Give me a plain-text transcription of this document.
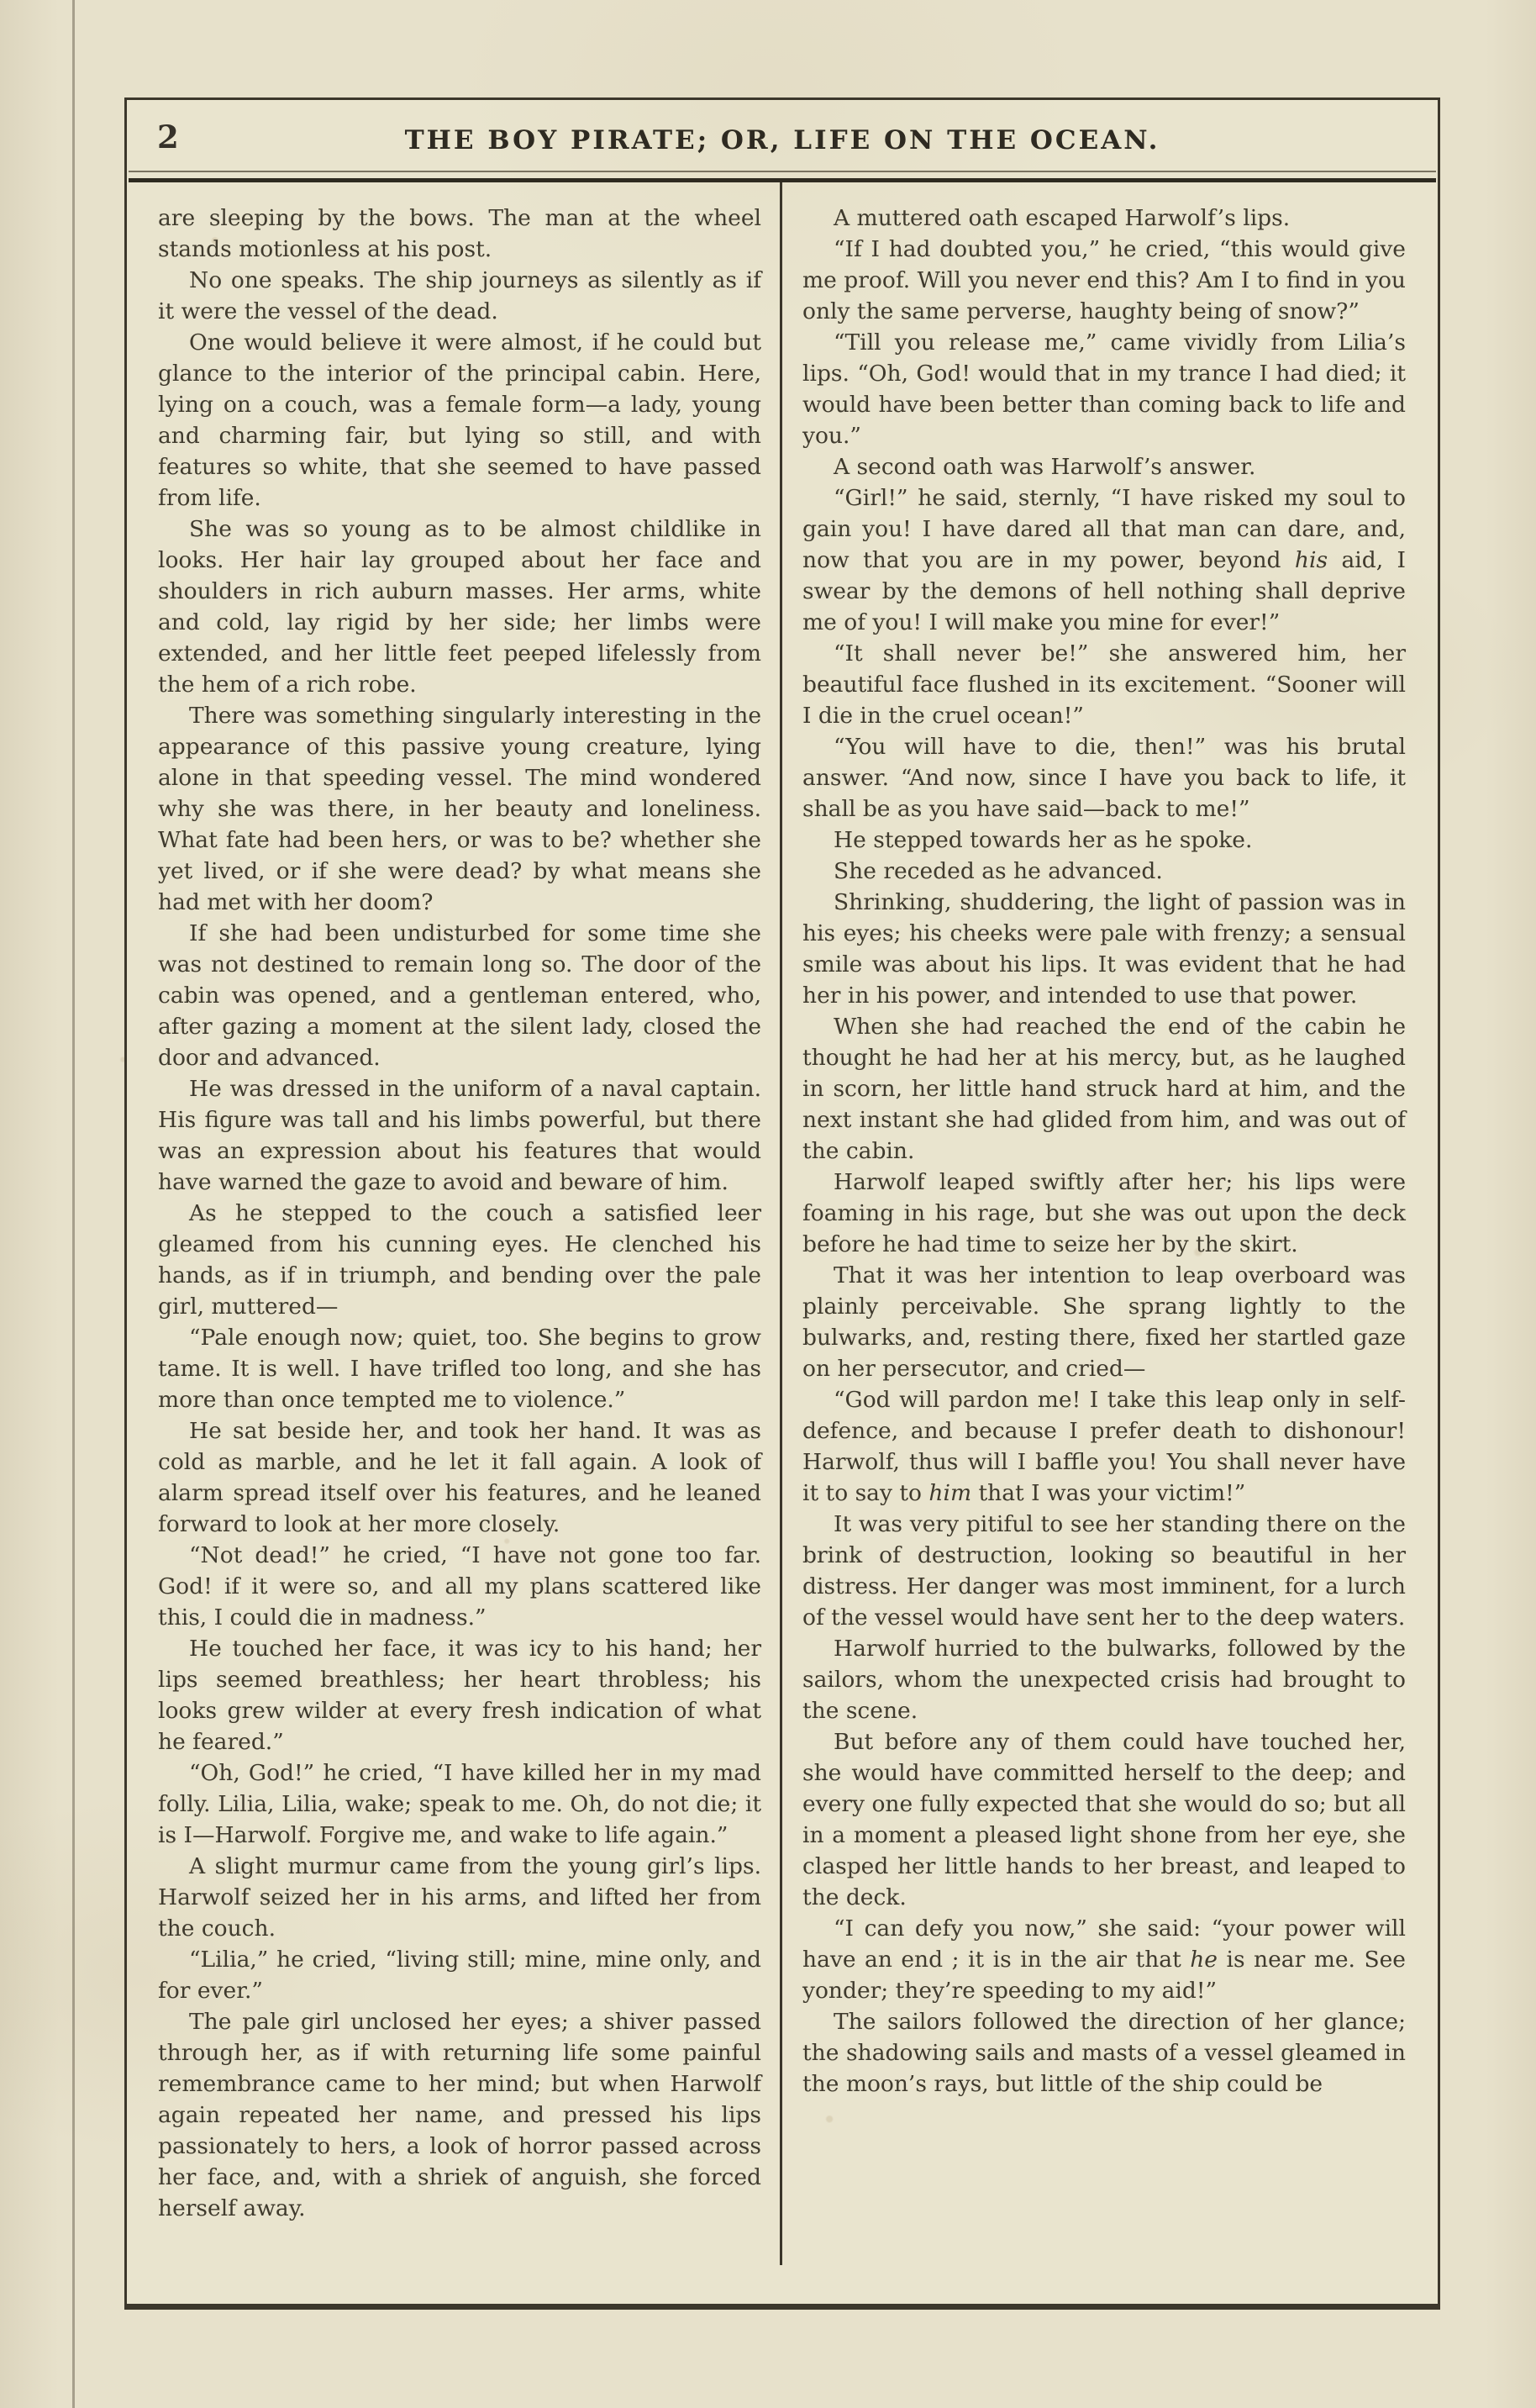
2	THE BOY PIRATE; OR, LIFE ON THE OCEAN.

are sleeping by the bows. The man at the wheel stands motionless at his post.

No one speaks. The ship journeys as silently as if it were the vessel of the dead.

One would believe it were almost, if he could but glance to the interior of the principal cabin. Here, lying on a couch, was a female form—a lady, young and charming fair, but lying so still, and with features so white, that she seemed to have passed from life.

She was so young as to be almost childlike in looks. Her hair lay grouped about her face and shoulders in rich auburn masses. Her arms, white and cold, lay rigid by her side; her limbs were extended, and her little feet peeped lifelessly from the hem of a rich robe.

There was something singularly interesting in the appearance of this passive young creature, lying alone in that speeding vessel. The mind wondered why she was there, in her beauty and loneliness. What fate had been hers, or was to be? whether she yet lived, or if she were dead? by what means she had met with her doom?

If she had been undisturbed for some time she was not destined to remain long so. The door of the cabin was opened, and a gentleman entered, who, after gazing a moment at the silent lady, closed the door and advanced.

He was dressed in the uniform of a naval captain. His figure was tall and his limbs powerful, but there was an expression about his features that would have warned the gaze to avoid and beware of him.

As he stepped to the couch a satisfied leer gleamed from his cunning eyes. He clenched his hands, as if in triumph, and bending over the pale girl, muttered—

“Pale enough now; quiet, too. She begins to grow tame. It is well. I have trifled too long, and she has more than once tempted me to violence.”

He sat beside her, and took her hand. It was as cold as marble, and he let it fall again. A look of alarm spread itself over his features, and he leaned forward to look at her more closely.

“Not dead!” he cried, “I have not gone too far. God! if it were so, and all my plans scattered like this, I could die in madness.”

He touched her face, it was icy to his hand; her lips seemed breathless; her heart throbless; his looks grew wilder at every fresh indication of what he feared.”

“Oh, God!” he cried, “I have killed her in my mad folly. Lilia, Lilia, wake; speak to me. Oh, do not die; it is I—Harwolf. Forgive me, and wake to life again.”

A slight murmur came from the young girl’s lips. Harwolf seized her in his arms, and lifted her from the couch.

“Lilia,” he cried, “living still; mine, mine only, and for ever.”

The pale girl unclosed her eyes; a shiver passed through her, as if with returning life some painful remembrance came to her mind; but when Harwolf again repeated her name, and pressed his lips passionately to hers, a look of horror passed across her face, and, with a shriek of anguish, she forced herself away.

A muttered oath escaped Harwolf’s lips.

“If I had doubted you,” he cried, “this would give me proof. Will you never end this? Am I to find in you only the same perverse, haughty being of snow?”

“Till you release me,” came vividly from Lilia’s lips. “Oh, God! would that in my trance I had died; it would have been better than coming back to life and you.”

A second oath was Harwolf’s answer.

“Girl!” he said, sternly, “I have risked my soul to gain you! I have dared all that man can dare, and, now that you are in my power, beyond his aid, I swear by the demons of hell nothing shall deprive me of you! I will make you mine for ever!”

“It shall never be!” she answered him, her beautiful face flushed in its excitement. “Sooner will I die in the cruel ocean!”

“You will have to die, then!” was his brutal answer. “And now, since I have you back to life, it shall be as you have said—back to me!”

He stepped towards her as he spoke.

She receded as he advanced.

Shrinking, shuddering, the light of passion was in his eyes; his cheeks were pale with frenzy; a sensual smile was about his lips. It was evident that he had her in his power, and intended to use that power.

When she had reached the end of the cabin he thought he had her at his mercy, but, as he laughed in scorn, her little hand struck hard at him, and the next instant she had glided from him, and was out of the cabin.

Harwolf leaped swiftly after her; his lips were foaming in his rage, but she was out upon the deck before he had time to seize her by the skirt.

That it was her intention to leap overboard was plainly perceivable. She sprang lightly to the bulwarks, and, resting there, fixed her startled gaze on her persecutor, and cried—

“God will pardon me! I take this leap only in self-defence, and because I prefer death to dishonour! Harwolf, thus will I baffle you! You shall never have it to say to him that I was your victim!”

It was very pitiful to see her standing there on the brink of destruction, looking so beautiful in her distress. Her danger was most imminent, for a lurch of the vessel would have sent her to the deep waters.

Harwolf hurried to the bulwarks, followed by the sailors, whom the unexpected crisis had brought to the scene.

But before any of them could have touched her, she would have committed herself to the deep; and every one fully expected that she would do so; but all in a moment a pleased light shone from her eye, she clasped her little hands to her breast, and leaped to the deck.

“I can defy you now,” she said: “your power will have an end ; it is in the air that he is near me. See yonder; they’re speeding to my aid!”

The sailors followed the direction of her glance; the shadowing sails and masts of a vessel gleamed in the moon’s rays, but little of the ship could be
